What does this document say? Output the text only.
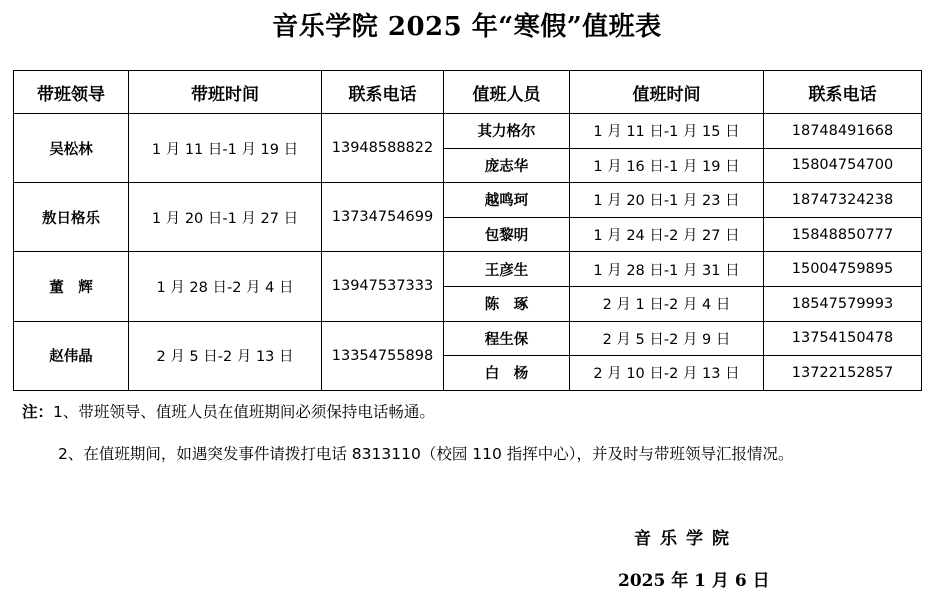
音乐学院 2025 年“寒假”值班表
带班领导	带班时间	联系电话	值班人员	值班时间	联系电话
吴松林	1 月 11 日-1 月 19 日	13948588822	其力格尔	1 月 11 日-1 月 15 日	18748491668
			庞志华	1 月 16 日-1 月 19 日	15804754700
敖日格乐	1 月 20 日-1 月 27 日	13734754699	越鸣珂	1 月 20 日-1 月 23 日	18747324238
			包黎明	1 月 24 日-2 月 27 日	15848850777
董　辉	1 月 28 日-2 月 4 日	13947537333	王彦生	1 月 28 日-1 月 31 日	15004759895
			陈　琢	2 月 1 日-2 月 4 日	18547579993
赵伟晶	2 月 5 日-2 月 13 日	13354755898	程生保	2 月 5 日-2 月 9 日	13754150478
			白　杨	2 月 10 日-2 月 13 日	13722152857
注：1、带班领导、值班人员在值班期间必须保持电话畅通。
2、在值班期间，如遇突发事件请拨打电话 8313110（校园 110 指挥中心），并及时与带班领导汇报情况。
音乐学院
2025 年 1 月 6 日
